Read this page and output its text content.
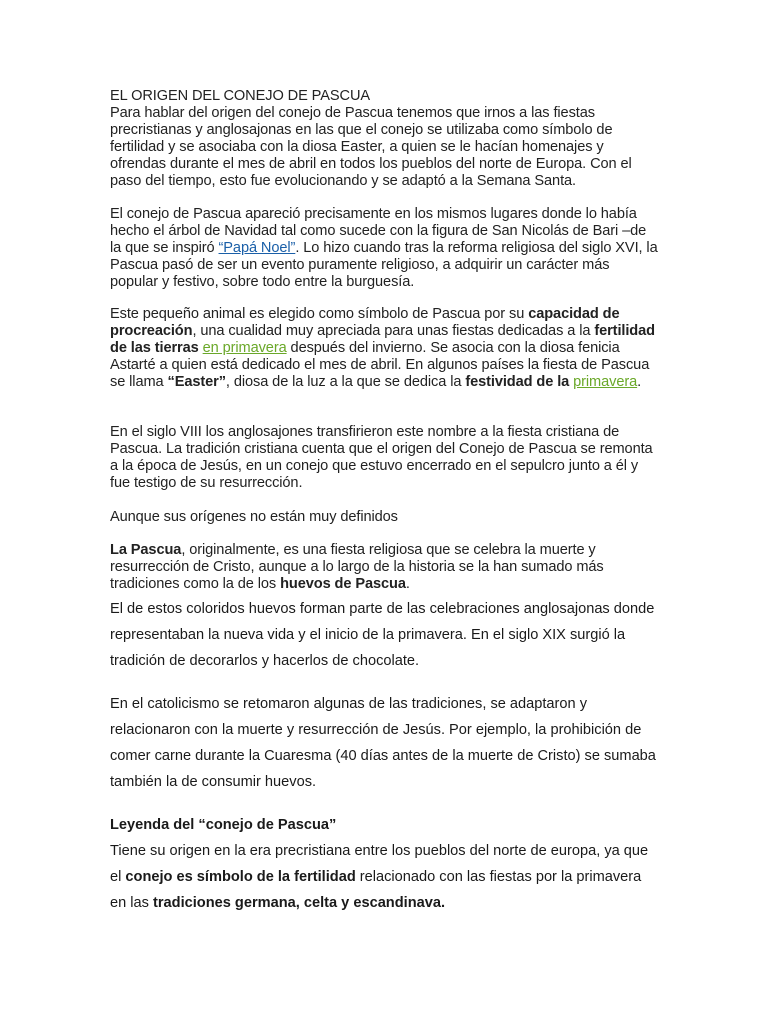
EL ORIGEN DEL CONEJO DE PASCUA

Para hablar del origen del conejo de Pascua tenemos que irnos a las fiestas precristianas y anglosajonas en las que el conejo se utilizaba como símbolo de fertilidad y se asociaba con la diosa Easter, a quien se le hacían homenajes y ofrendas durante el mes de abril en todos los pueblos del norte de Europa. Con el paso del tiempo, esto fue evolucionando y se adaptó a la Semana Santa.

El conejo de Pascua apareció precisamente en los mismos lugares donde lo había hecho el árbol de Navidad tal como sucede con la figura de San Nicolás de Bari –de la que se inspiró “Papá Noel”. Lo hizo cuando tras la reforma religiosa del siglo XVI, la Pascua pasó de ser un evento puramente religioso, a adquirir un carácter más popular y festivo, sobre todo entre la burguesía.

Este pequeño animal es elegido como símbolo de Pascua por su capacidad de procreación, una cualidad muy apreciada para unas fiestas dedicadas a la fertilidad de las tierras en primavera después del invierno. Se asocia con la diosa fenicia Astarté a quien está dedicado el mes de abril. En algunos países la fiesta de Pascua se llama “Easter”, diosa de la luz a la que se dedica la festividad de la primavera.

En el siglo VIII los anglosajones transfirieron este nombre a la fiesta cristiana de Pascua. La tradición cristiana cuenta que el origen del Conejo de Pascua se remonta a la época de Jesús, en un conejo que estuvo encerrado en el sepulcro junto a él y fue testigo de su resurrección.

Aunque sus orígenes no están muy definidos

La Pascua, originalmente, es una fiesta religiosa que se celebra la muerte y resurrección de Cristo, aunque a lo largo de la historia se la han sumado más tradiciones como la de los huevos de Pascua.

El de estos coloridos huevos forman parte de las celebraciones anglosajonas donde representaban la nueva vida y el inicio de la primavera. En el siglo XIX surgió la tradición de decorarlos y hacerlos de chocolate.

En el catolicismo se retomaron algunas de las tradiciones, se adaptaron y relacionaron con la muerte y resurrección de Jesús. Por ejemplo, la prohibición de comer carne durante la Cuaresma (40 días antes de la muerte de Cristo) se sumaba también la de consumir huevos.

Leyenda del “conejo de Pascua”

Tiene su origen en la era precristiana entre los pueblos del norte de europa, ya que el conejo es símbolo de la fertilidad relacionado con las fiestas por la primavera en las tradiciones germana, celta y escandinava.
